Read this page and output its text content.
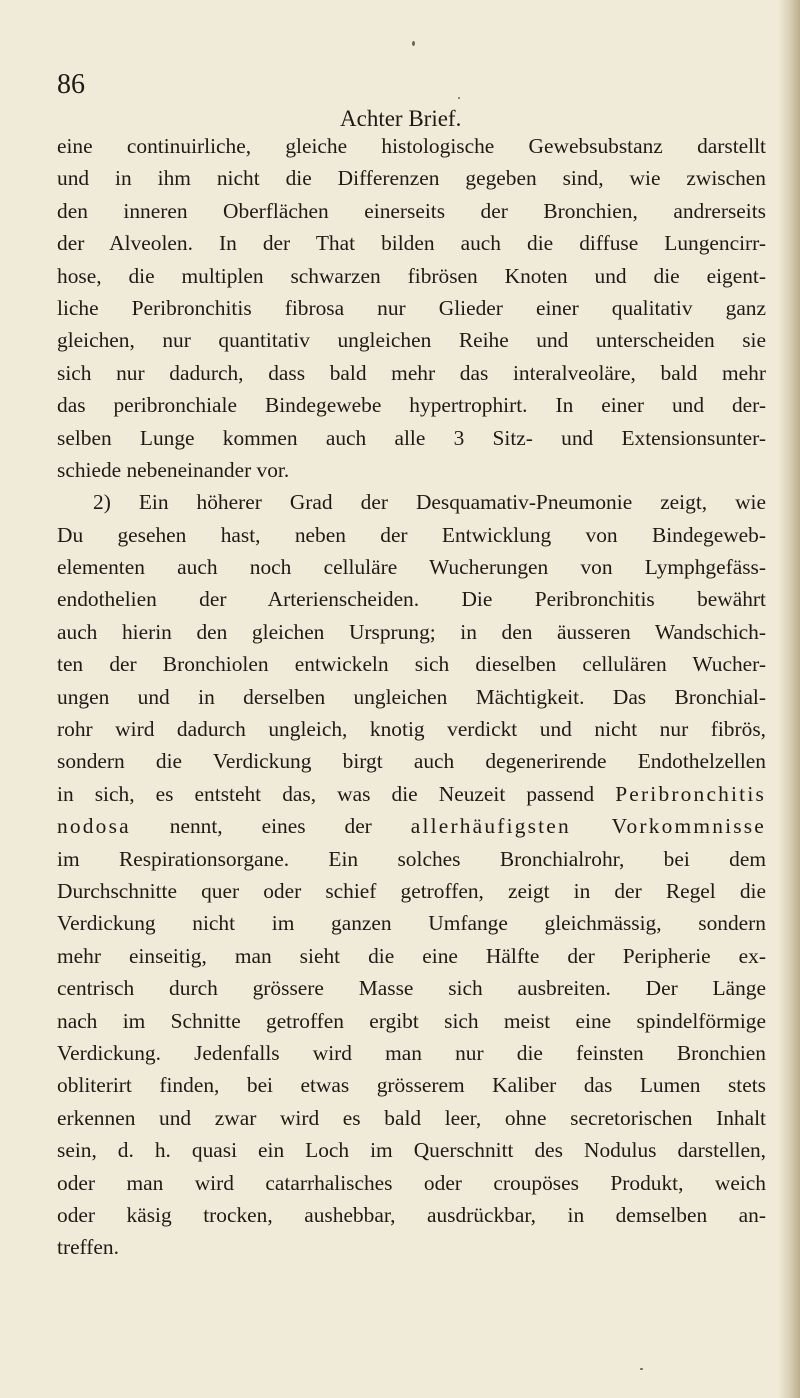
86

Achter Brief.

eine continuirliche, gleiche histologische Gewebsubstanz darstellt
und in ihm nicht die Differenzen gegeben sind, wie zwischen
den inneren Oberflächen einerseits der Bronchien, andrerseits
der Alveolen. In der That bilden auch die diffuse Lungencirr-
hose, die multiplen schwarzen fibrösen Knoten und die eigent-
liche Peribronchitis fibrosa nur Glieder einer qualitativ ganz
gleichen, nur quantitativ ungleichen Reihe und unterscheiden sie
sich nur dadurch, dass bald mehr das interalveoläre, bald mehr
das peribronchiale Bindegewebe hypertrophirt. In einer und der-
selben Lunge kommen auch alle 3 Sitz- und Extensionsunter-
schiede nebeneinander vor.
2) Ein höherer Grad der Desquamativ-Pneumonie zeigt, wie
Du gesehen hast, neben der Entwicklung von Bindegeweb-
elementen auch noch celluläre Wucherungen von Lymphgefäss-
endothelien der Arterienscheiden. Die Peribronchitis bewährt
auch hierin den gleichen Ursprung; in den äusseren Wandschich-
ten der Bronchiolen entwickeln sich dieselben cellulären Wucher-
ungen und in derselben ungleichen Mächtigkeit. Das Bronchial-
rohr wird dadurch ungleich, knotig verdickt und nicht nur fibrös,
sondern die Verdickung birgt auch degenerirende Endothelzellen
in sich, es entsteht das, was die Neuzeit passend Peribronchitis
nodosa nennt, eines der allerhäufigsten Vorkommnisse
im Respirationsorgane. Ein solches Bronchialrohr, bei dem
Durchschnitte quer oder schief getroffen, zeigt in der Regel die
Verdickung nicht im ganzen Umfange gleichmässig, sondern
mehr einseitig, man sieht die eine Hälfte der Peripherie ex-
centrisch durch grössere Masse sich ausbreiten. Der Länge
nach im Schnitte getroffen ergibt sich meist eine spindelförmige
Verdickung. Jedenfalls wird man nur die feinsten Bronchien
obliterirt finden, bei etwas grösserem Kaliber das Lumen stets
erkennen und zwar wird es bald leer, ohne secretorischen Inhalt
sein, d. h. quasi ein Loch im Querschnitt des Nodulus darstellen,
oder man wird catarrhalisches oder croupöses Produkt, weich
oder käsig trocken, aushebbar, ausdrückbar, in demselben an-
treffen.
